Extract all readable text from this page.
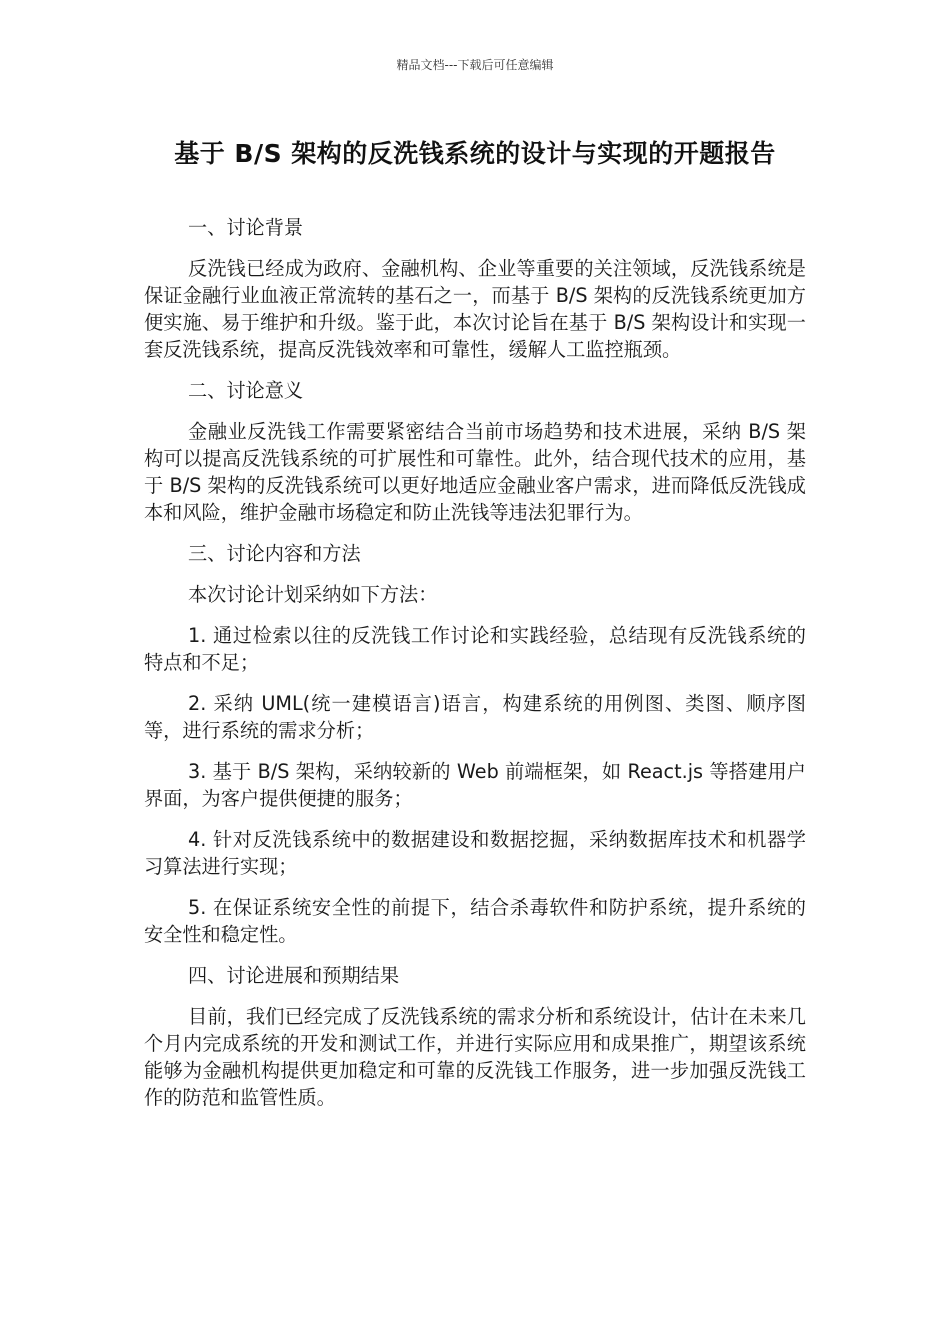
精品文档---下载后可任意编辑
基于 B/S 架构的反洗钱系统的设计与实现的开题报告

一、讨论背景

反洗钱已经成为政府、金融机构、企业等重要的关注领域，反洗钱系统是保证金融行业血液正常流转的基石之一，而基于 B/S 架构的反洗钱系统更加方便实施、易于维护和升级。鉴于此，本次讨论旨在基于 B/S 架构设计和实现一套反洗钱系统，提高反洗钱效率和可靠性，缓解人工监控瓶颈。

二、讨论意义

金融业反洗钱工作需要紧密结合当前市场趋势和技术进展，采纳 B/S 架构可以提高反洗钱系统的可扩展性和可靠性。此外，结合现代技术的应用，基于 B/S 架构的反洗钱系统可以更好地适应金融业客户需求，进而降低反洗钱成本和风险，维护金融市场稳定和防止洗钱等违法犯罪行为。

三、讨论内容和方法

本次讨论计划采纳如下方法：

1. 通过检索以往的反洗钱工作讨论和实践经验，总结现有反洗钱系统的特点和不足；

2. 采纳 UML(统一建模语言)语言，构建系统的用例图、类图、顺序图等，进行系统的需求分析；

3. 基于 B/S 架构，采纳较新的 Web 前端框架，如 React.js 等搭建用户界面，为客户提供便捷的服务；

4. 针对反洗钱系统中的数据建设和数据挖掘，采纳数据库技术和机器学习算法进行实现；

5. 在保证系统安全性的前提下，结合杀毒软件和防护系统，提升系统的安全性和稳定性。

四、讨论进展和预期结果

目前，我们已经完成了反洗钱系统的需求分析和系统设计，估计在未来几个月内完成系统的开发和测试工作，并进行实际应用和成果推广，期望该系统能够为金融机构提供更加稳定和可靠的反洗钱工作服务，进一步加强反洗钱工作的防范和监管性质。
